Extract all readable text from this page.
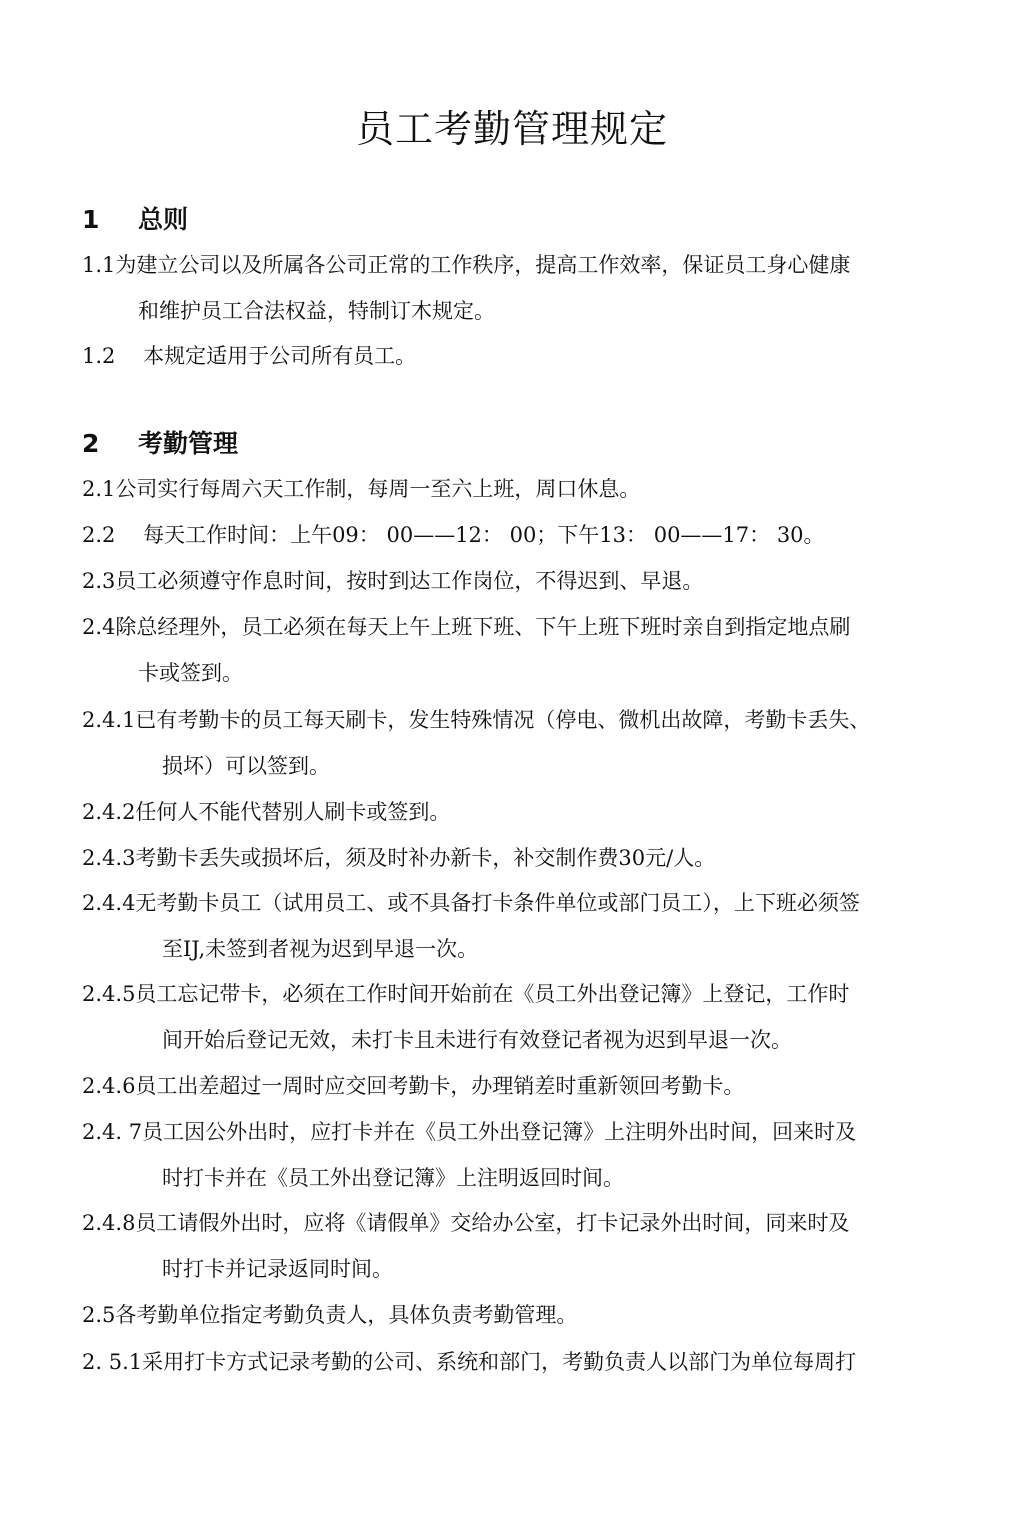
员工考勤管理规定
1 总则

1.1为建立公司以及所属各公司正常的工作秩序，提高工作效率，保证员工身心健康
和维护员工合法权益，特制订木规定。

1.2　 本规定适用于公司所有员工。

2 考勤管理

2.1公司实行每周六天工作制，每周一至六上班，周口休息。

2.2　 每天工作时间：上午09： 00——12： 00；下午13： 00——17： 30。

2.3员工必须遵守作息时间，按时到达工作岗位，不得迟到、早退。

2.4除总经理外，员工必须在每天上午上班下班、下午上班下班时亲自到指定地点刷
卡或签到。

2.4.1已有考勤卡的员工每天刷卡，发生特殊情况（停电、微机出故障，考勤卡丢失、
损坏）可以签到。

2.4.2任何人不能代替别人刷卡或签到。

2.4.3考勤卡丢失或损坏后，须及时补办新卡，补交制作费30元/人。

2.4.4无考勤卡员工（试用员工、或不具备打卡条件单位或部门员工），上下班必须签
至IJ,未签到者视为迟到早退一次。

2.4.5员工忘记带卡，必须在工作时间开始前在《员工外出登记簿》上登记，工作时
间开始后登记无效，未打卡且未进行有效登记者视为迟到早退一次。

2.4.6员工出差超过一周时应交回考勤卡，办理销差时重新领回考勤卡。

2.4. 7员工因公外出时，应打卡并在《员工外出登记簿》上注明外出时间，回来时及
时打卡并在《员工外出登记簿》上注明返回时间。

2.4.8员工请假外出时，应将《请假单》交给办公室，打卡记录外出时间，同来时及
时打卡并记录返同时间。

2.5各考勤单位指定考勤负责人，具体负责考勤管理。

2. 5.1采用打卡方式记录考勤的公司、系统和部门，考勤负责人以部门为单位每周打
